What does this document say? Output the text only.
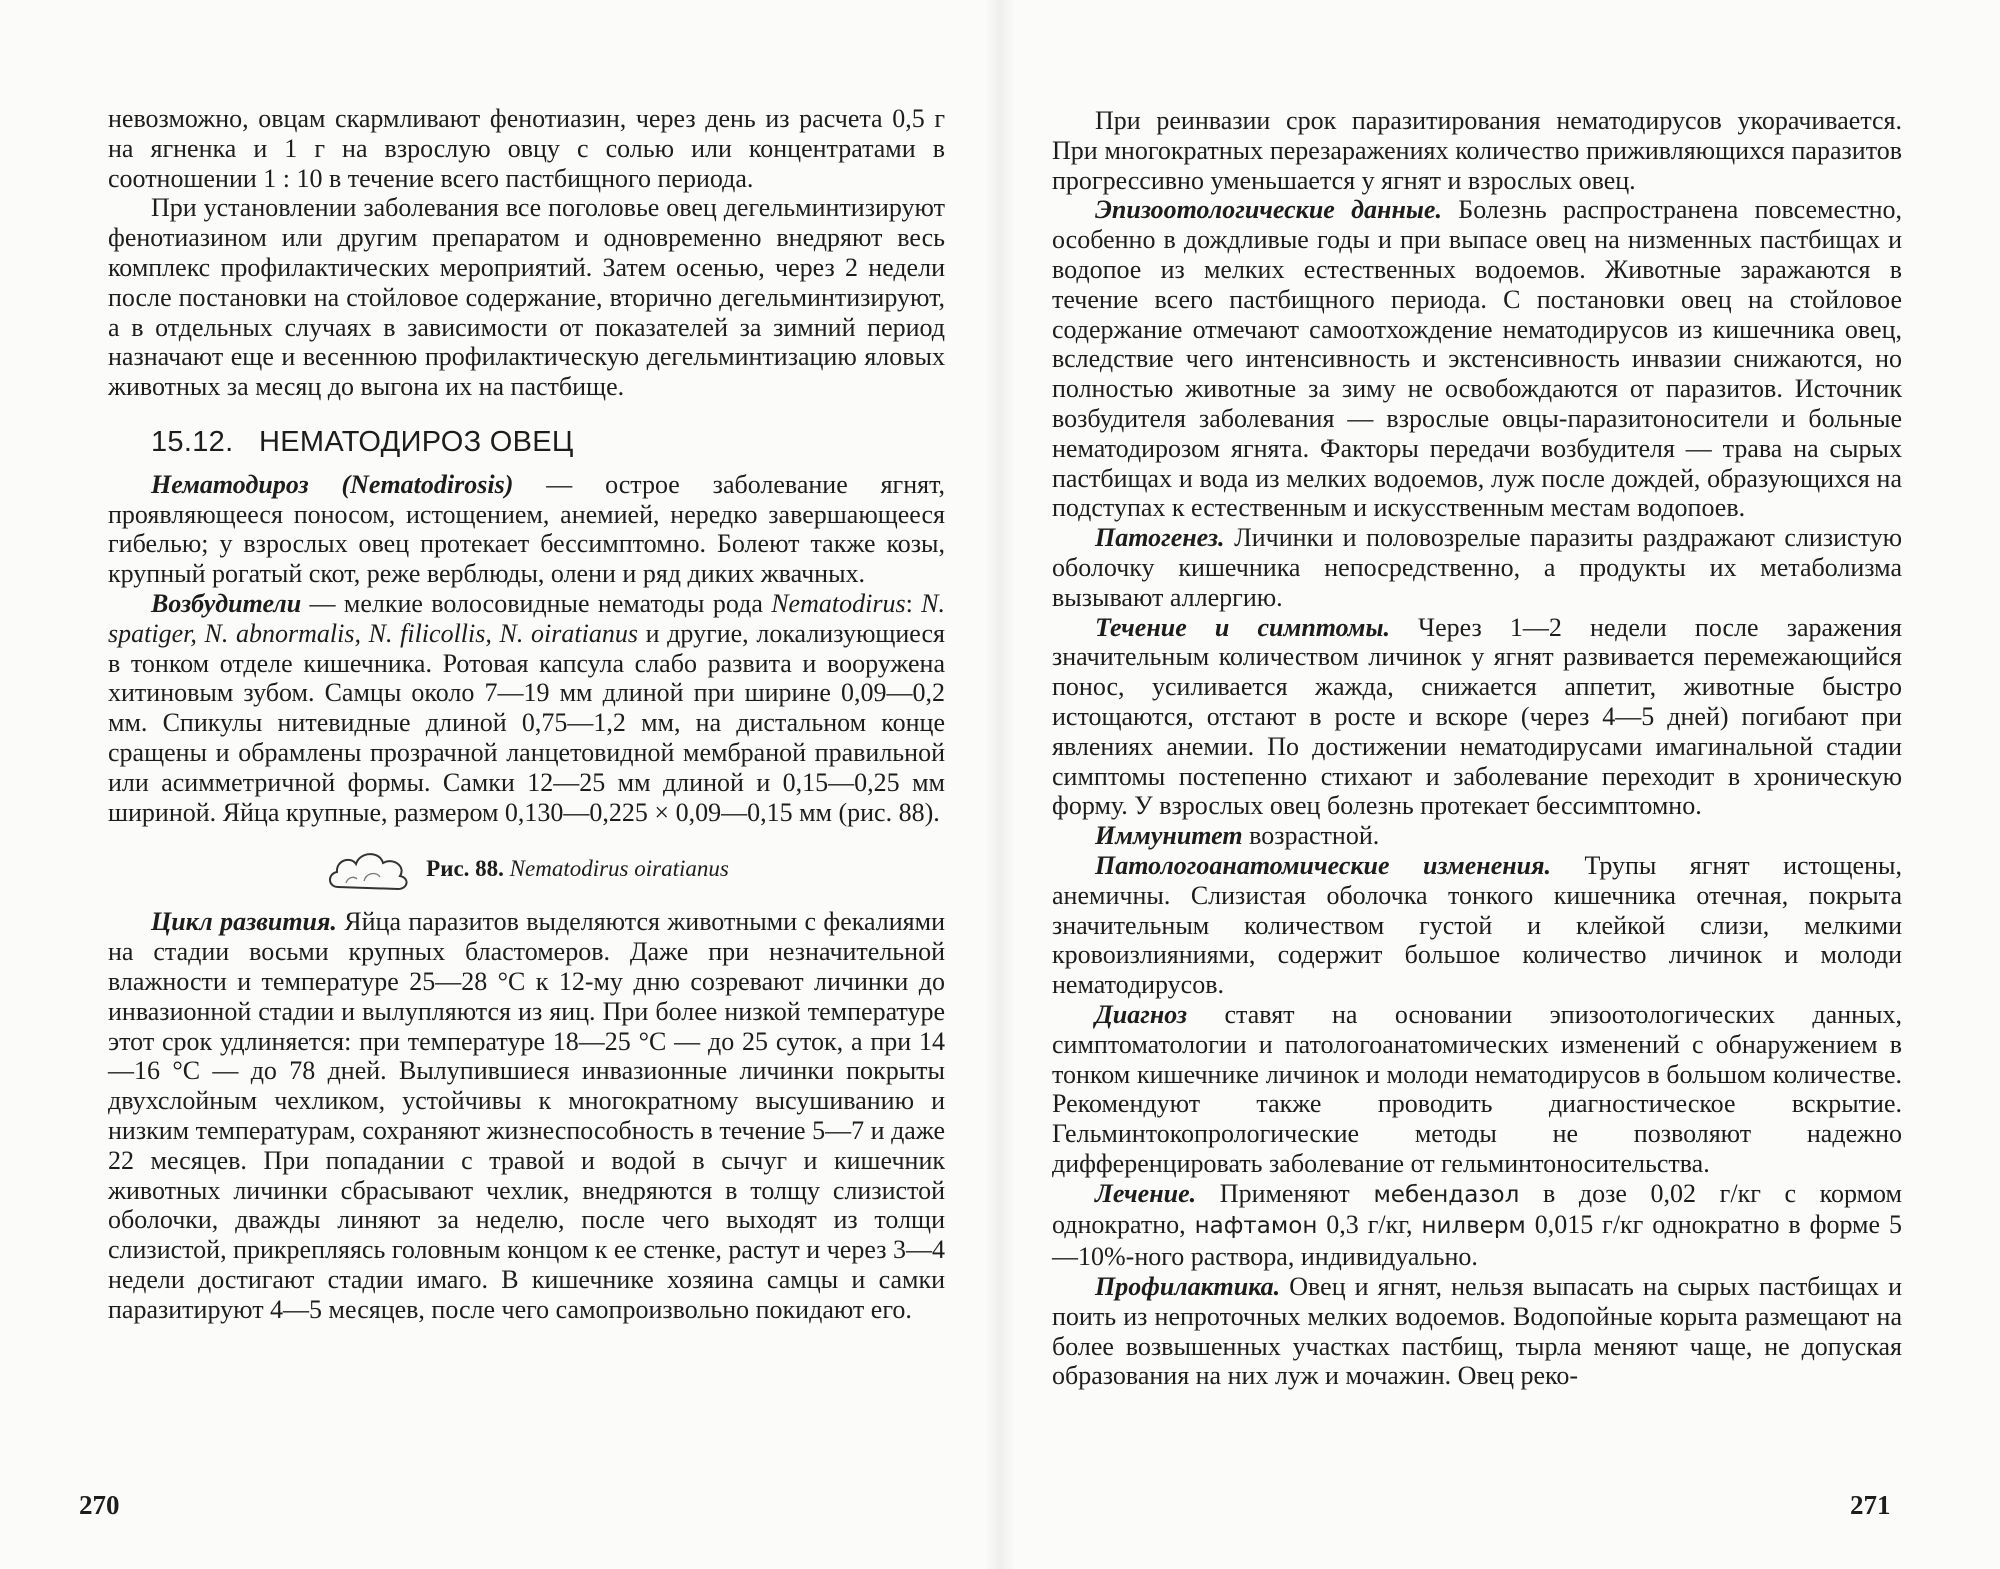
невозможно, овцам скармливают фенотиазин, через день из расчета 0,5 г на ягненка и 1 г на взрослую овцу с солью или концентратами в соотношении 1 : 10 в течение всего пастбищного периода.

При установлении заболевания все поголовье овец дегельминтизируют фенотиазином или другим препаратом и одновременно внедряют весь комплекс профилактических мероприятий. Затем осенью, через 2 недели после постановки на стойловое содержание, вторично дегельминтизируют, а в отдельных случаях в зависимости от показателей за зимний период назначают еще и весеннюю профилактическую дегельминтизацию яловых животных за месяц до выгона их на пастбище.

15.12. НЕМАТОДИРОЗ ОВЕЦ

Нематодироз (Nematodirosis) — острое заболевание ягнят, проявляющееся поносом, истощением, анемией, нередко завершающееся гибелью; у взрослых овец протекает бессимптомно. Болеют также козы, крупный рогатый скот, реже верблюды, олени и ряд диких жвачных.

Возбудители — мелкие волосовидные нематоды рода Nematodirus: N. spatiger, N. abnormalis, N. filicollis, N. oiratianus и другие, локализующиеся в тонком отделе кишечника. Ротовая капсула слабо развита и вооружена хитиновым зубом. Самцы около 7—19 мм длиной при ширине 0,09—0,2 мм. Спикулы нитевидные длиной 0,75—1,2 мм, на дистальном конце сращены и обрамлены прозрачной ланцетовидной мембраной правильной или асимметричной формы. Самки 12—25 мм длиной и 0,15—0,25 мм шириной. Яйца крупные, размером 0,130—0,225 × 0,09—0,15 мм (рис. 88).

Рис. 88. Nematodirus oiratianus

Цикл развития. Яйца паразитов выделяются животными с фекалиями на стадии восьми крупных бластомеров. Даже при незначительной влажности и температуре 25—28 °С к 12-му дню созревают личинки до инвазионной стадии и вылупляются из яиц. При более низкой температуре этот срок удлиняется: при температуре 18—25 °С — до 25 суток, а при 14—16 °С — до 78 дней. Вылупившиеся инвазионные личинки покрыты двухслойным чехликом, устойчивы к многократному высушиванию и низким температурам, сохраняют жизнеспособность в течение 5—7 и даже 22 месяцев. При попадании с травой и водой в сычуг и кишечник животных личинки сбрасывают чехлик, внедряются в толщу слизистой оболочки, дважды линяют за неделю, после чего выходят из толщи слизистой, прикрепляясь головным концом к ее стенке, растут и через 3—4 недели достигают стадии имаго. В кишечнике хозяина самцы и самки паразитируют 4—5 месяцев, после чего самопроизвольно покидают его.

270

При реинвазии срок паразитирования нематодирусов укорачивается. При многократных перезаражениях количество приживляющихся паразитов прогрессивно уменьшается у ягнят и взрослых овец.

Эпизоотологические данные. Болезнь распространена повсеместно, особенно в дождливые годы и при выпасе овец на низменных пастбищах и водопое из мелких естественных водоемов. Животные заражаются в течение всего пастбищного периода. С постановки овец на стойловое содержание отмечают самоотхождение нематодирусов из кишечника овец, вследствие чего интенсивность и экстенсивность инвазии снижаются, но полностью животные за зиму не освобождаются от паразитов. Источник возбудителя заболевания — взрослые овцы-паразитоносители и больные нематодирозом ягнята. Факторы передачи возбудителя — трава на сырых пастбищах и вода из мелких водоемов, луж после дождей, образующихся на подступах к естественным и искусственным местам водопоев.

Патогенез. Личинки и половозрелые паразиты раздражают слизистую оболочку кишечника непосредственно, а продукты их метаболизма вызывают аллергию.

Течение и симптомы. Через 1—2 недели после заражения значительным количеством личинок у ягнят развивается перемежающийся понос, усиливается жажда, снижается аппетит, животные быстро истощаются, отстают в росте и вскоре (через 4—5 дней) погибают при явлениях анемии. По достижении нематодирусами имагинальной стадии симптомы постепенно стихают и заболевание переходит в хроническую форму. У взрослых овец болезнь протекает бессимптомно.

Иммунитет возрастной.

Патологоанатомические изменения. Трупы ягнят истощены, анемичны. Слизистая оболочка тонкого кишечника отечная, покрыта значительным количеством густой и клейкой слизи, мелкими кровоизлияниями, содержит большое количество личинок и молоди нематодирусов.

Диагноз ставят на основании эпизоотологических данных, симптоматологии и патологоанатомических изменений с обнаружением в тонком кишечнике личинок и молоди нематодирусов в большом количестве. Рекомендуют также проводить диагностическое вскрытие. Гельминтокопрологические методы не позволяют надежно дифференцировать заболевание от гельминтоносительства.

Лечение. Применяют мебендазол в дозе 0,02 г/кг с кормом однократно, нафтамон 0,3 г/кг, нилверм 0,015 г/кг однократно в форме 5—10%-ного раствора, индивидуально.

Профилактика. Овец и ягнят, нельзя выпасать на сырых пастбищах и поить из непроточных мелких водоемов. Водопойные корыта размещают на более возвышенных участках пастбищ, тырла меняют чаще, не допуская образования на них луж и мочажин. Овец реко-

271
